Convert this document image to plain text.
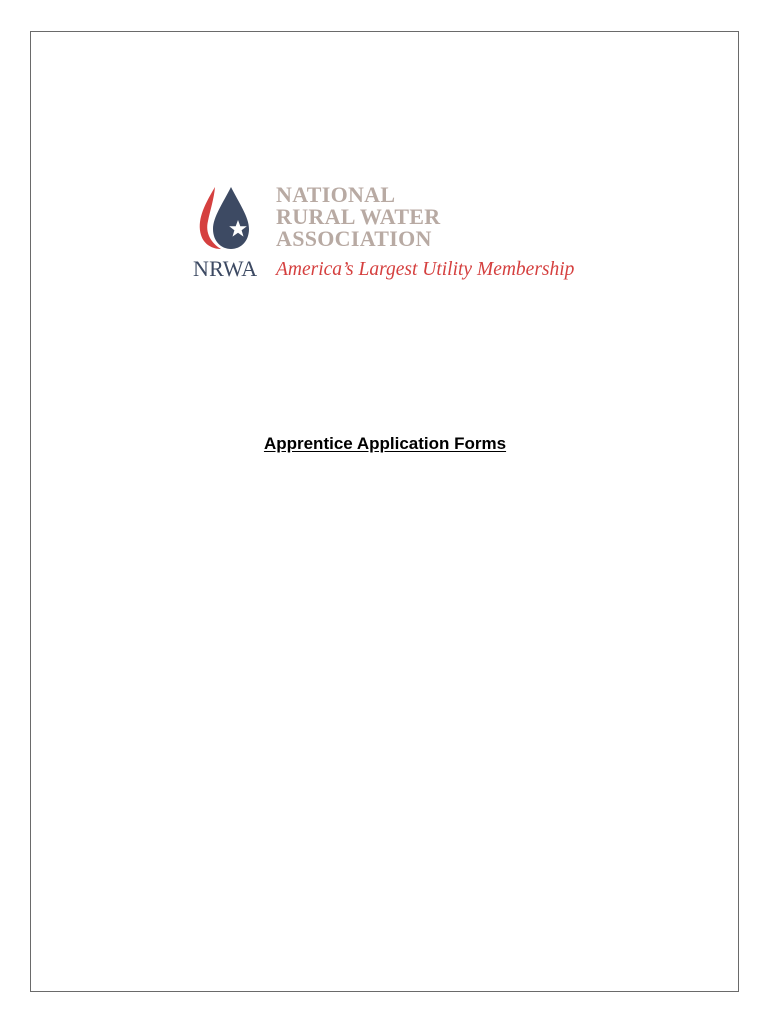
NRWA
NATIONAL
RURAL WATER
ASSOCIATION
America’s Largest Utility Membership
Apprentice Application Forms
